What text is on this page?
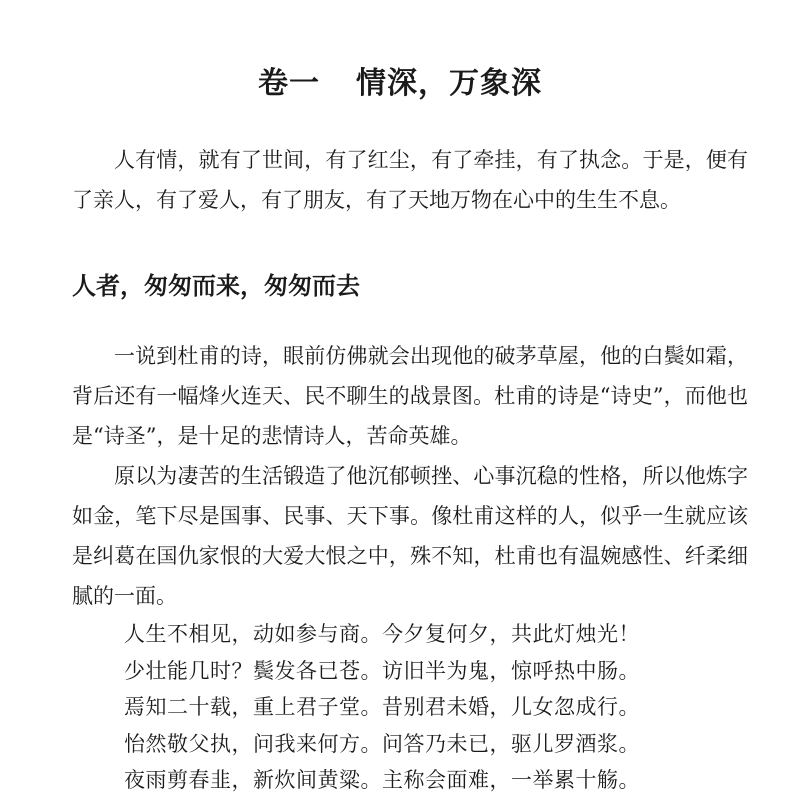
卷一 情深，万象深

人有情，就有了世间，有了红尘，有了牵挂，有了执念。于是，便有了亲人，有了爱人，有了朋友，有了天地万物在心中的生生不息。

人者，匆匆而来，匆匆而去

一说到杜甫的诗，眼前仿佛就会出现他的破茅草屋，他的白鬓如霜，背后还有一幅烽火连天、民不聊生的战景图。杜甫的诗是“诗史”，而他也是“诗圣”，是十足的悲情诗人，苦命英雄。

原以为凄苦的生活锻造了他沉郁顿挫、心事沉稳的性格，所以他炼字如金，笔下尽是国事、民事、天下事。像杜甫这样的人，似乎一生就应该是纠葛在国仇家恨的大爱大恨之中，殊不知，杜甫也有温婉感性、纤柔细腻的一面。

人生不相见，动如参与商。今夕复何夕，共此灯烛光！
少壮能几时？鬓发各已苍。访旧半为鬼，惊呼热中肠。
焉知二十载，重上君子堂。昔别君未婚，儿女忽成行。
怡然敬父执，问我来何方。问答乃未已，驱儿罗酒浆。
夜雨剪春韭，新炊间黄粱。主称会面难，一举累十觞。
